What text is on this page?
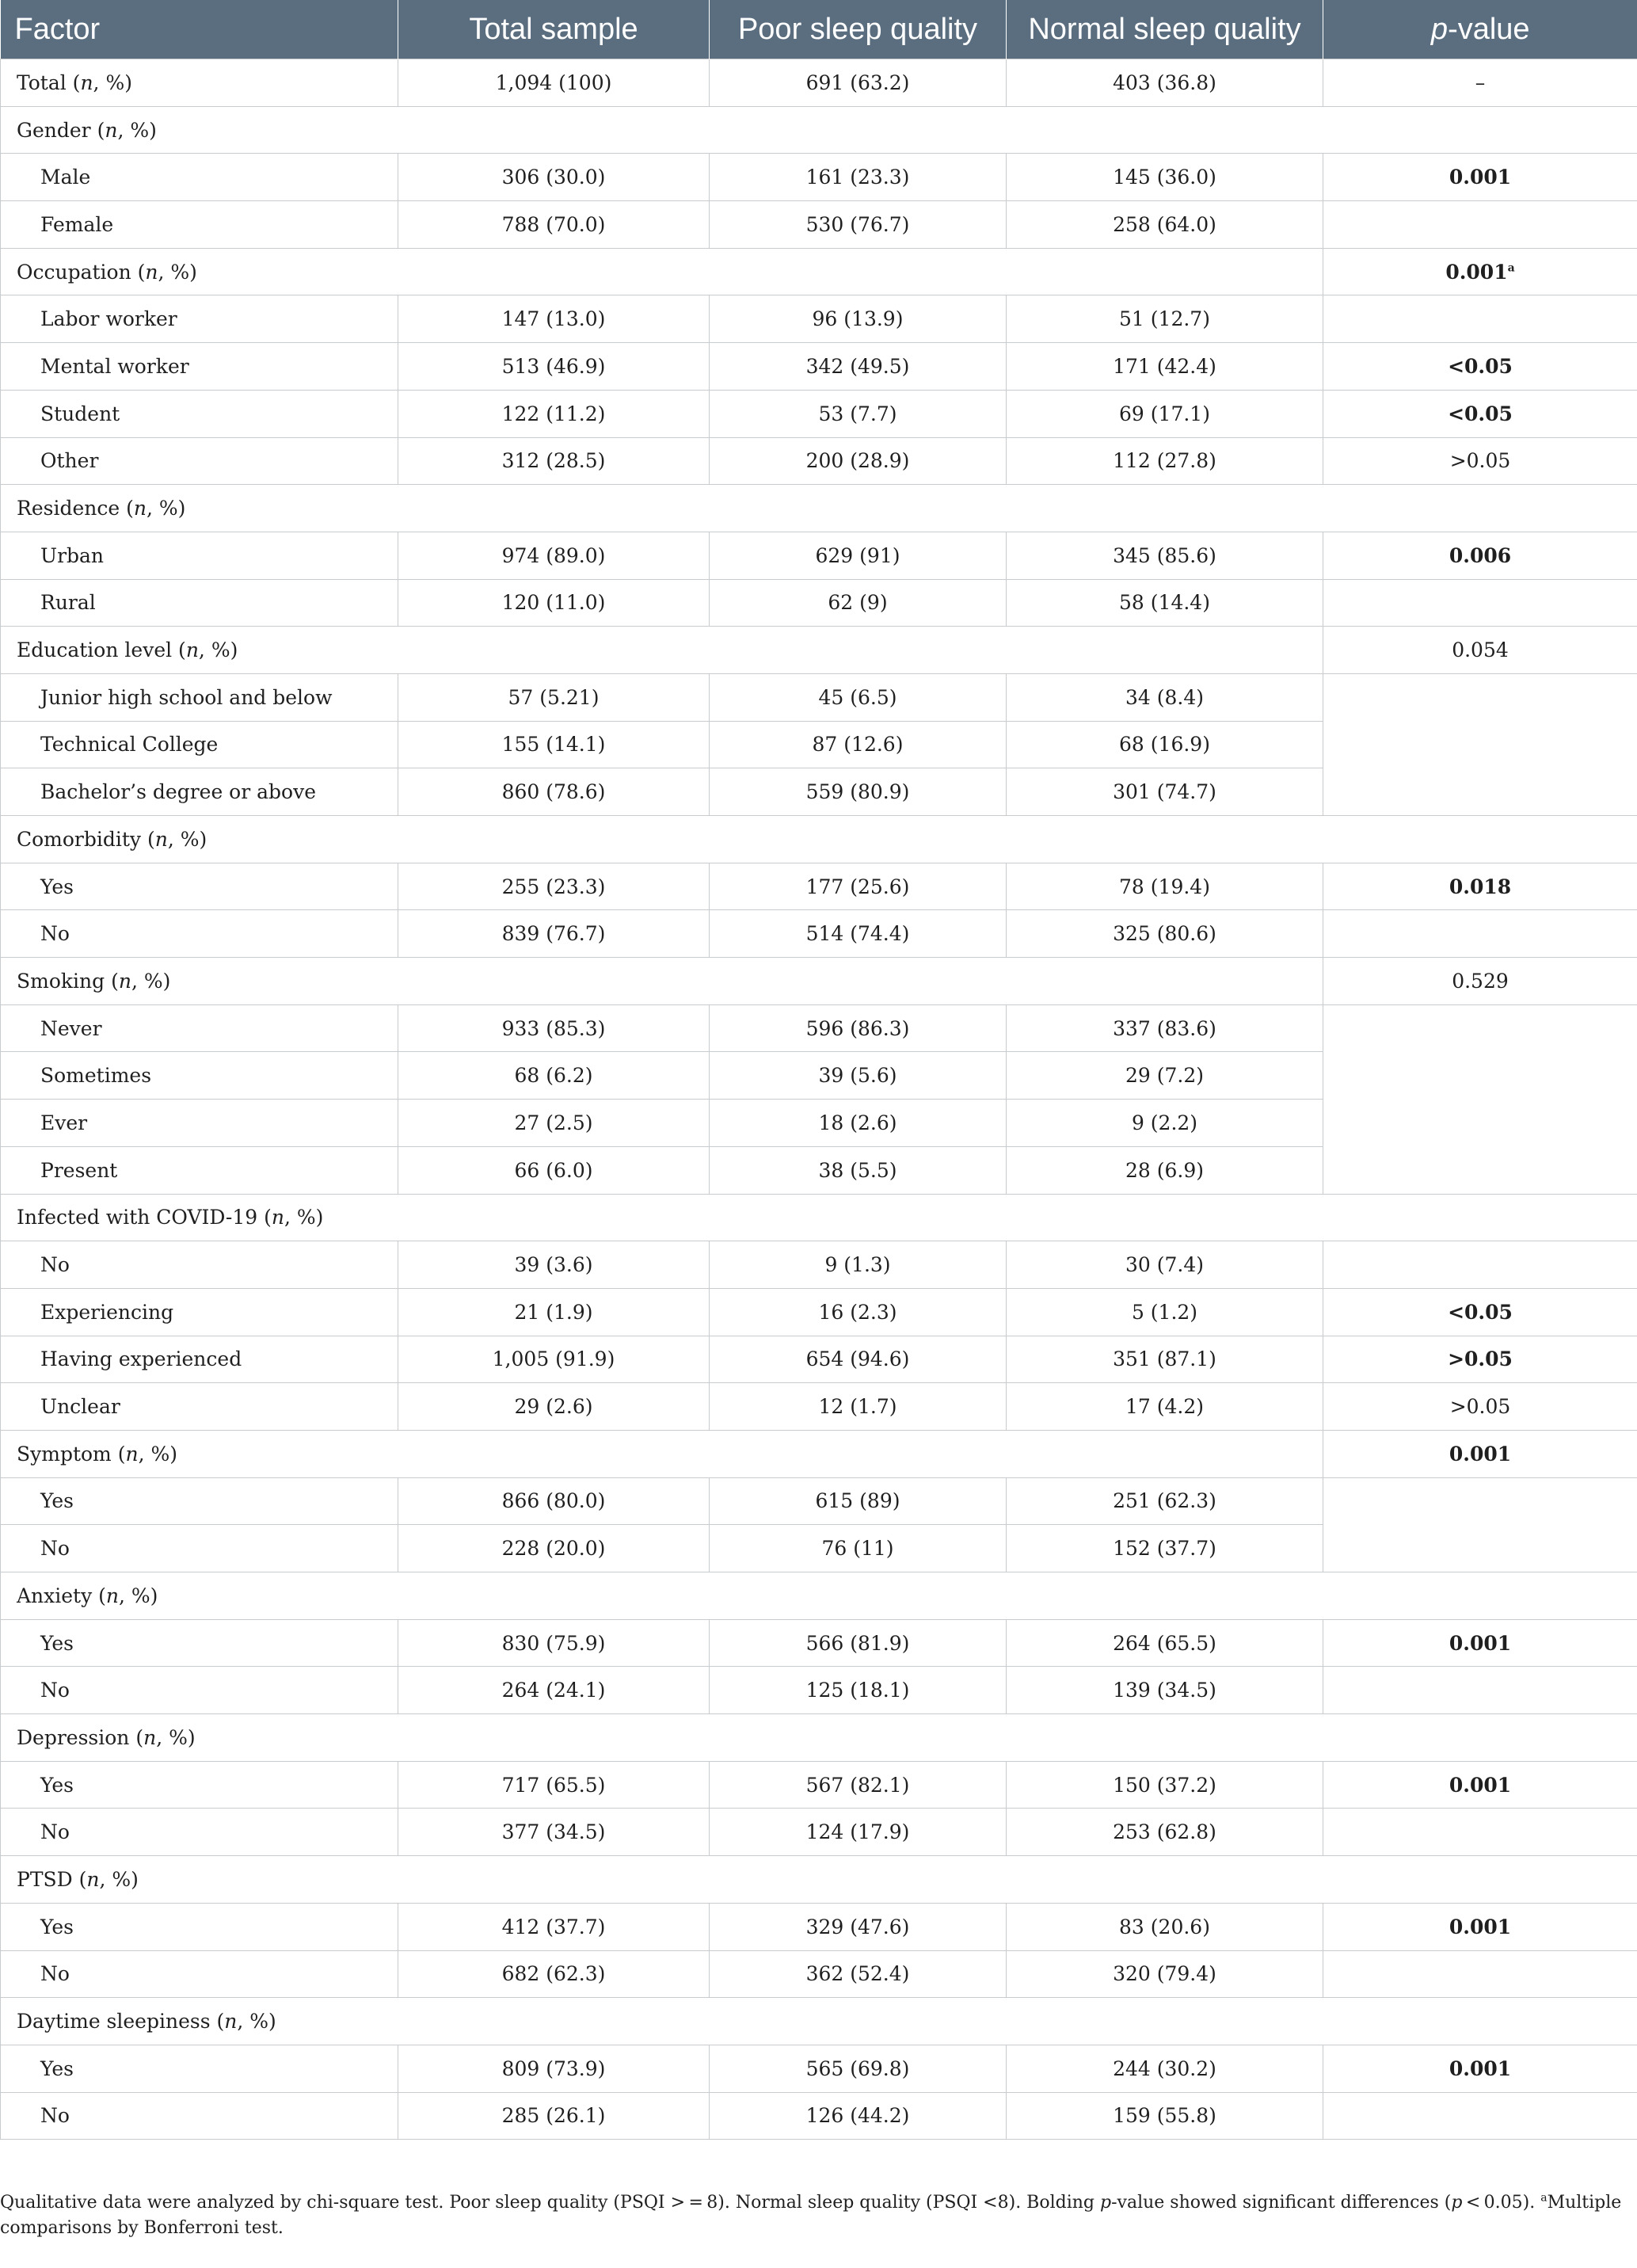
Factor	Total sample	Poor sleep quality	Normal sleep quality	p-value
Total (n, %)	1,094 (100)	691 (63.2)	403 (36.8)	–
Gender (n, %)				
Male	306 (30.0)	161 (23.3)	145 (36.0)	0.001
Female	788 (70.0)	530 (76.7)	258 (64.0)	
Occupation (n, %)				0.001$^a$
Labor worker	147 (13.0)	96 (13.9)	51 (12.7)	
Mental worker	513 (46.9)	342 (49.5)	171 (42.4)	<0.05
Student	122 (11.2)	53 (7.7)	69 (17.1)	<0.05
Other	312 (28.5)	200 (28.9)	112 (27.8)	>0.05
Residence (n, %)				
Urban	974 (89.0)	629 (91)	345 (85.6)	0.006
Rural	120 (11.0)	62 (9)	58 (14.4)	
Education level (n, %)				0.054
Junior high school and below	57 (5.21)	45 (6.5)	34 (8.4)	
Technical College	155 (14.1)	87 (12.6)	68 (16.9)	
Bachelor’s degree or above	860 (78.6)	559 (80.9)	301 (74.7)	
Comorbidity (n, %)				
Yes	255 (23.3)	177 (25.6)	78 (19.4)	0.018
No	839 (76.7)	514 (74.4)	325 (80.6)	
Smoking (n, %)				0.529
Never	933 (85.3)	596 (86.3)	337 (83.6)	
Sometimes	68 (6.2)	39 (5.6)	29 (7.2)	
Ever	27 (2.5)	18 (2.6)	9 (2.2)	
Present	66 (6.0)	38 (5.5)	28 (6.9)	
Infected with COVID-19 (n, %)				
No	39 (3.6)	9 (1.3)	30 (7.4)	
Experiencing	21 (1.9)	16 (2.3)	5 (1.2)	<0.05
Having experienced	1,005 (91.9)	654 (94.6)	351 (87.1)	>0.05
Unclear	29 (2.6)	12 (1.7)	17 (4.2)	>0.05
Symptom (n, %)				0.001
Yes	866 (80.0)	615 (89)	251 (62.3)	
No	228 (20.0)	76 (11)	152 (37.7)	
Anxiety (n, %)				
Yes	830 (75.9)	566 (81.9)	264 (65.5)	0.001
No	264 (24.1)	125 (18.1)	139 (34.5)	
Depression (n, %)				
Yes	717 (65.5)	567 (82.1)	150 (37.2)	0.001
No	377 (34.5)	124 (17.9)	253 (62.8)	
PTSD (n, %)				
Yes	412 (37.7)	329 (47.6)	83 (20.6)	0.001
No	682 (62.3)	362 (52.4)	320 (79.4)	
Daytime sleepiness (n, %)				
Yes	809 (73.9)	565 (69.8)	244 (30.2)	0.001
No	285 (26.1)	126 (44.2)	159 (55.8)	
Qualitative data were analyzed by chi-square test. Poor sleep quality (PSQI > = 8). Normal sleep quality (PSQI <8). Bolding p-value showed significant differences (p < 0.05). $^a$Multiple comparisons by Bonferroni test.
